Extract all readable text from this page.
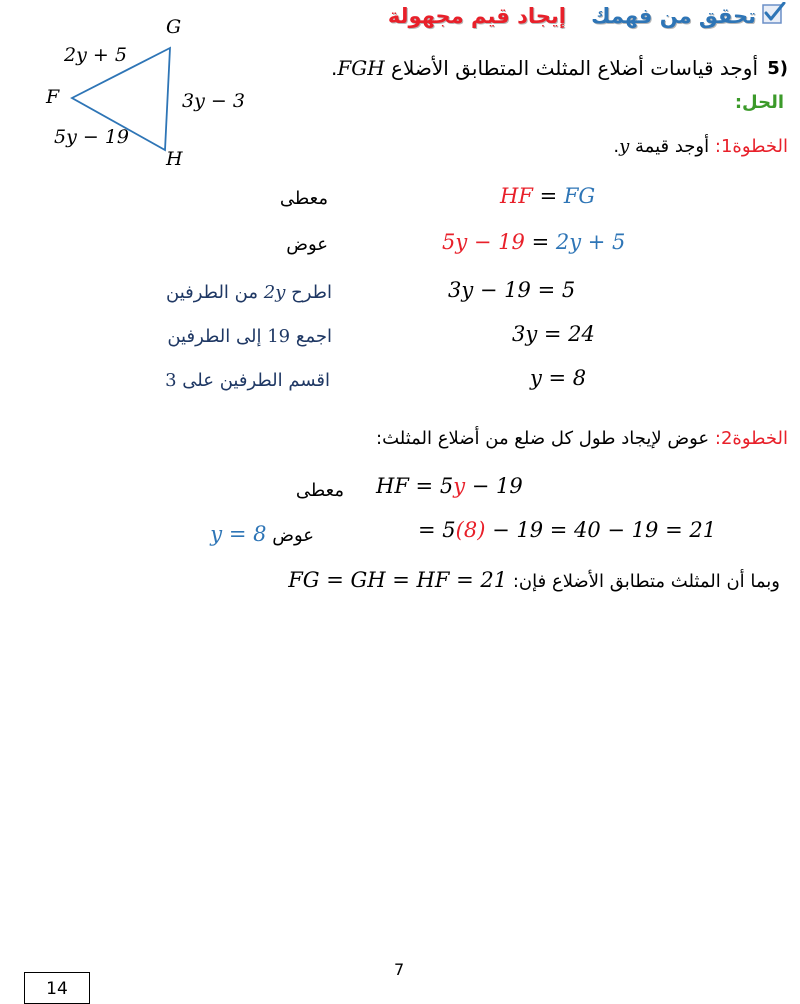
تحقق من فهمك
إيجاد قيم مجهولة
G
F
H
2y + 5
3y − 3
5y − 19
5)
أوجد قياسات أضلاع المثلث المتطابق الأضلاع FGH.
الحل:
الخطوة1: أوجد قيمة y.
معطى	HF = FG
عوض	5y − 19 = 2y + 5
اطرح 2y من الطرفين	3y − 19 = 5
اجمع 19 إلى الطرفين	3y = 24
اقسم الطرفين على 3	y = 8
الخطوة2: عوض لإيجاد طول كل ضلع من أضلاع المثلث:
معطى HF = 5y − 19
عوض y = 8	= 5(8) − 19 = 40 − 19 = 21
وبما أن المثلث متطابق الأضلاع فإن: FG = GH = HF = 21
7
14
